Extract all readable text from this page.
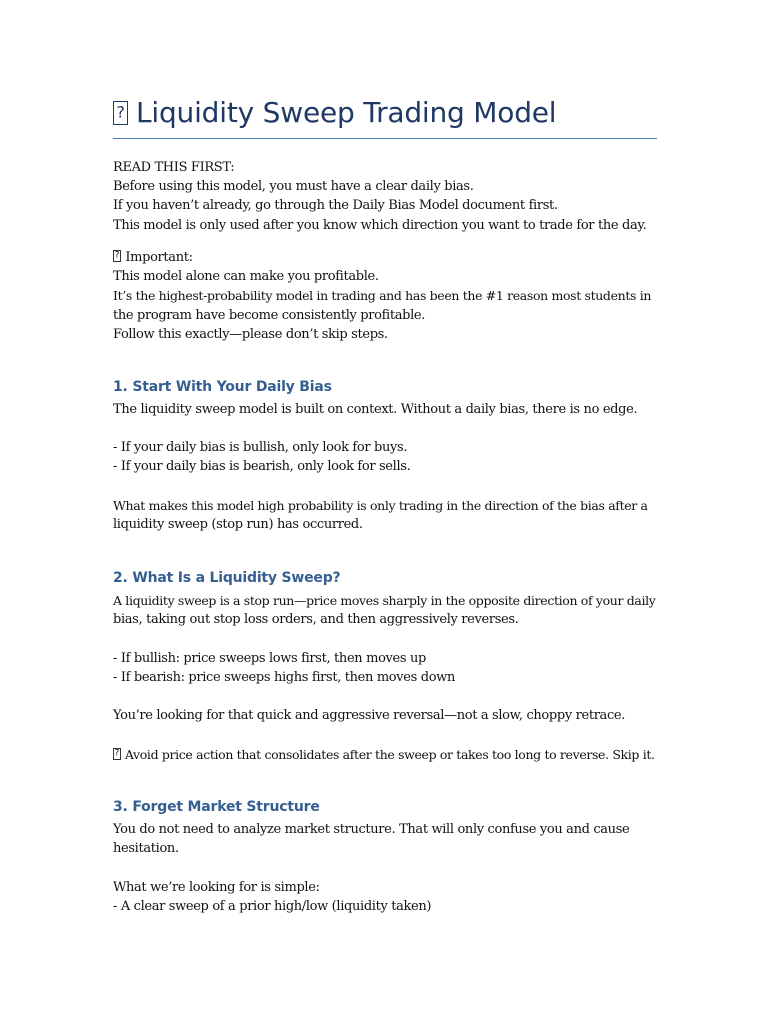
?Liquidity Sweep Trading Model
READ THIS FIRST:
Before using this model, you must have a clear daily bias.
If you haven’t already, go through the Daily Bias Model document first.
This model is only used after you know which direction you want to trade for the day.
?Important:
This model alone can make you profitable.
It’s the highest-probability model in trading and has been the #1 reason most students in
the program have become consistently profitable.
Follow this exactly—please don’t skip steps.
1. Start With Your Daily Bias
The liquidity sweep model is built on context. Without a daily bias, there is no edge.
- If your daily bias is bullish, only look for buys.
- If your daily bias is bearish, only look for sells.
What makes this model high probability is only trading in the direction of the bias after a
liquidity sweep (stop run) has occurred.
2. What Is a Liquidity Sweep?
A liquidity sweep is a stop run—price moves sharply in the opposite direction of your daily
bias, taking out stop loss orders, and then aggressively reverses.
- If bullish: price sweeps lows first, then moves up
- If bearish: price sweeps highs first, then moves down
You’re looking for that quick and aggressive reversal—not a slow, choppy retrace.
?Avoid price action that consolidates after the sweep or takes too long to reverse. Skip it.
3. Forget Market Structure
You do not need to analyze market structure. That will only confuse you and cause
hesitation.
What we’re looking for is simple:
- A clear sweep of a prior high/low (liquidity taken)
